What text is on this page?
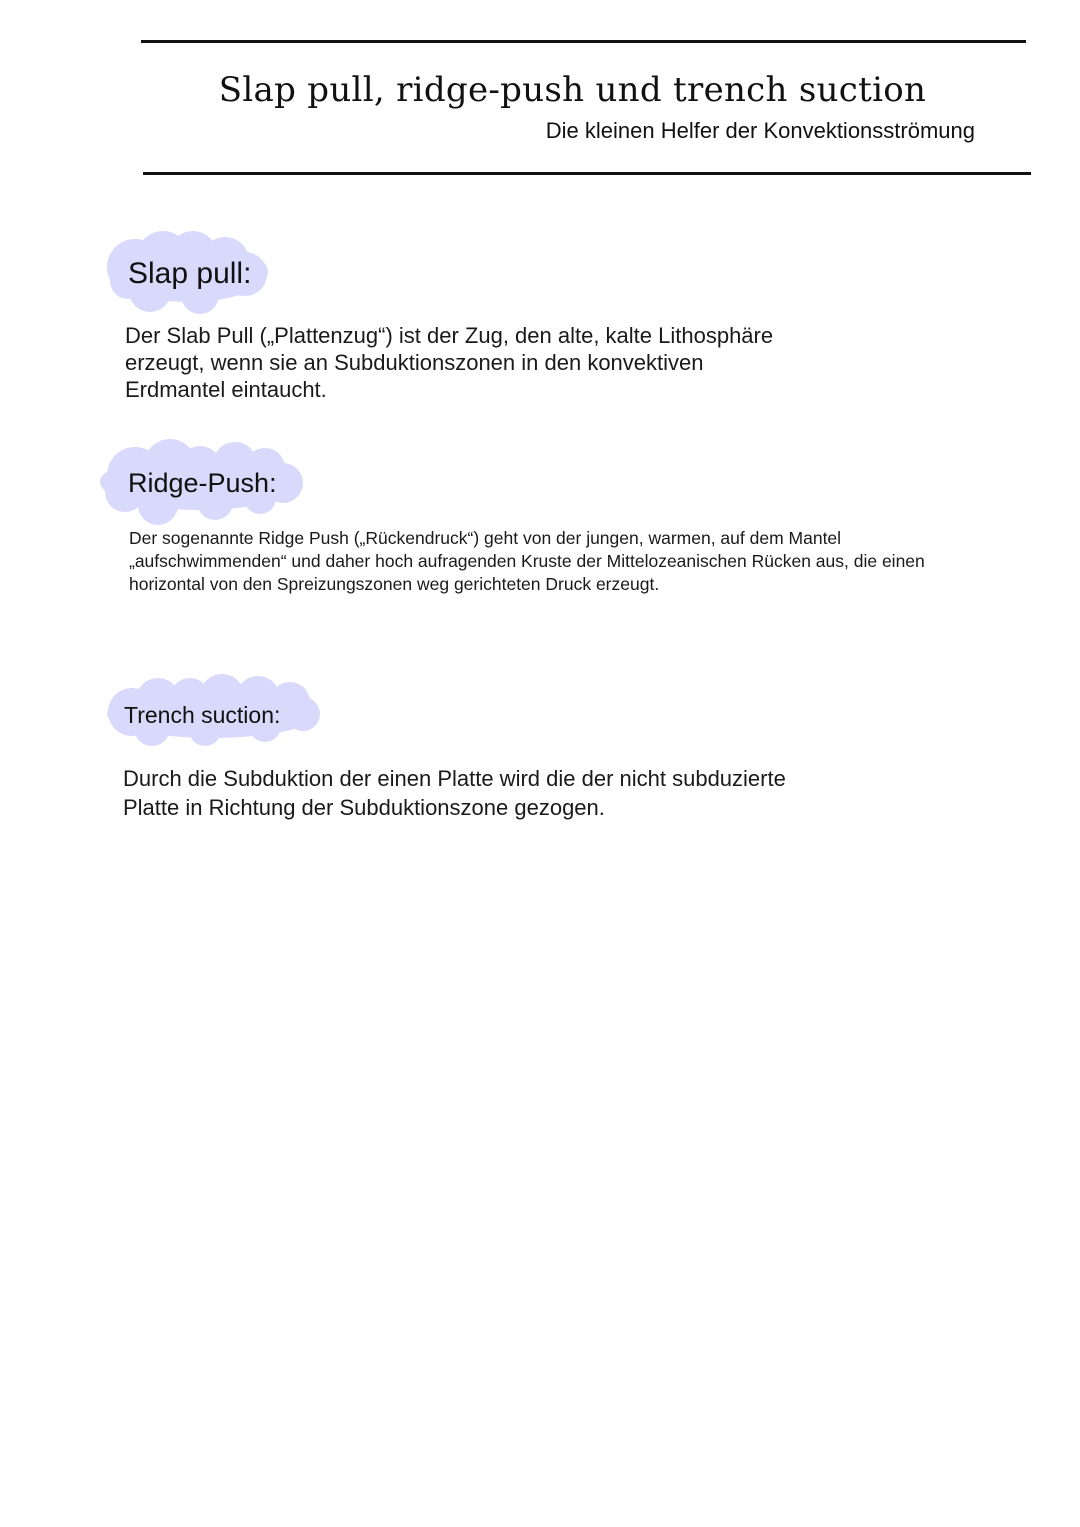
Slap pull, ridge-push und trench suction
Die kleinen Helfer der Konvektionsströmung
Slap pull:

Der Slab Pull („Plattenzug“) ist der Zug, den alte, kalte Lithosphäre erzeugt, wenn sie an Subduktionszonen in den konvektiven Erdmantel eintaucht.

Ridge-Push:

Der sogenannte Ridge Push („Rückendruck“) geht von der jungen, warmen, auf dem Mantel „aufschwimmenden“ und daher hoch aufragenden Kruste der Mittelozeanischen Rücken aus, die einen horizontal von den Spreizungszonen weg gerichteten Druck erzeugt.

Trench suction:

Durch die Subduktion der einen Platte wird die der nicht subduzierte Platte in Richtung der Subduktionszone gezogen.
